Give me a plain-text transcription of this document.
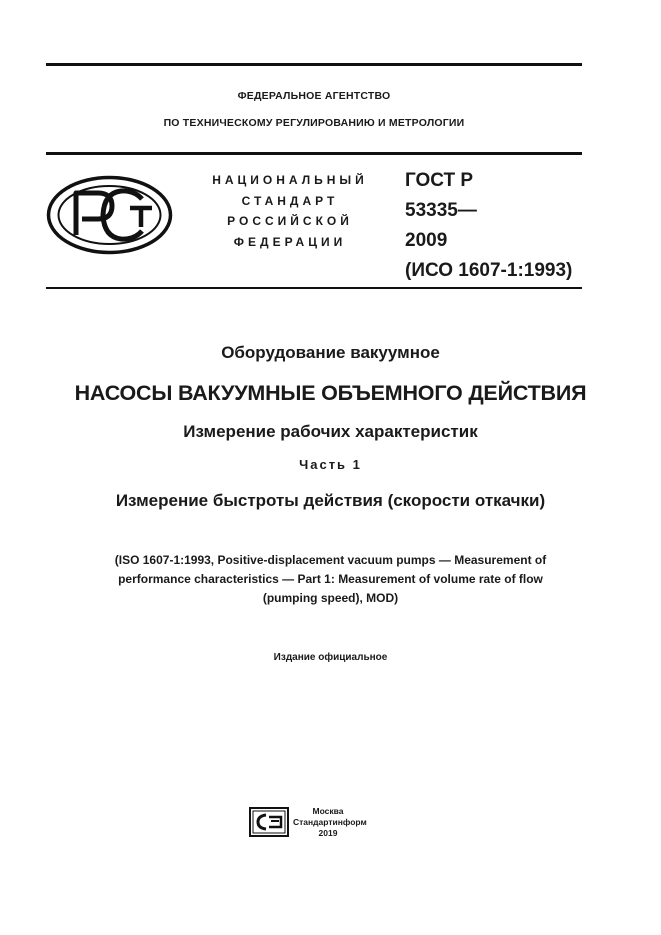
ФЕДЕРАЛЬНОЕ АГЕНТСТВО
ПО ТЕХНИЧЕСКОМУ РЕГУЛИРОВАНИЮ И МЕТРОЛОГИИ
НАЦИОНАЛЬНЫЙ
СТАНДАРТ
РОССИЙСКОЙ
ФЕДЕРАЦИИ
ГОСТ Р
53335—
2009
(ИСО 1607-1:1993)
Оборудование вакуумное
НАСОСЫ ВАКУУМНЫЕ ОБЪЕМНОГО ДЕЙСТВИЯ
Измерение рабочих характеристик
Часть 1
Измерение быстроты действия (скорости откачки)
(ISO 1607-1:1993, Positive-displacement vacuum pumps — Measurement of
performance characteristics — Part 1: Measurement of volume rate of flow
(pumping speed), MOD)
Издание официальное
Москва
Стандартинформ
2019
